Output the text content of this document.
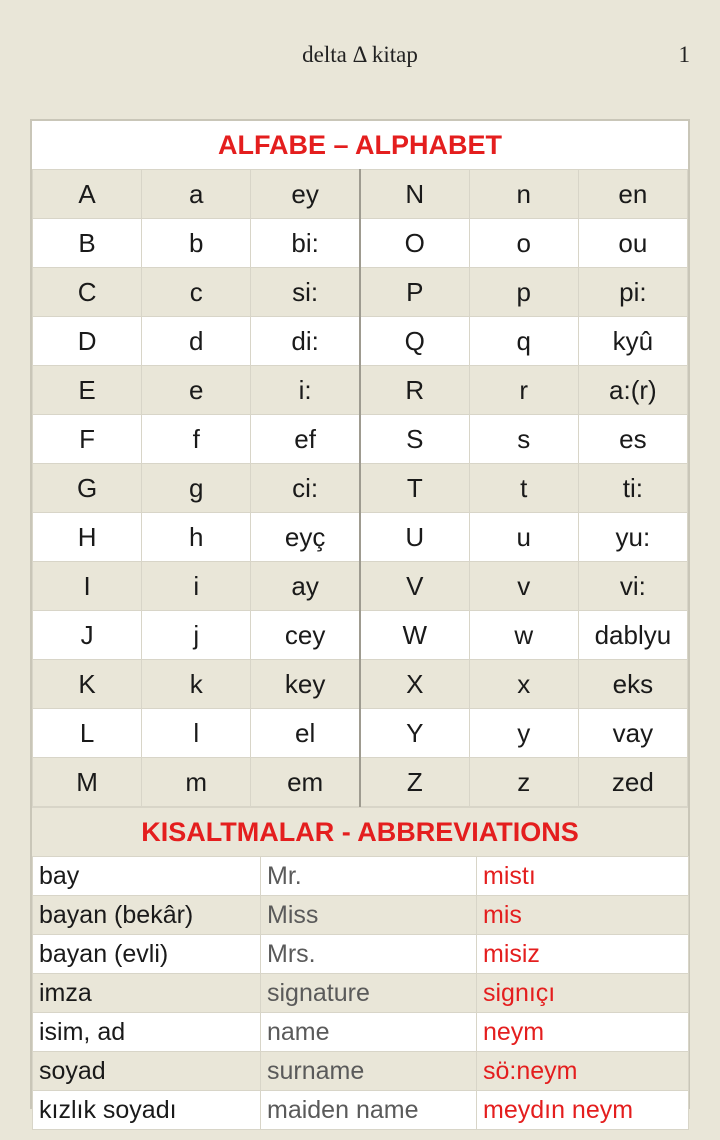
delta Δ kitap	1
ALFABE – ALPHABET
A	a	ey	N	n	en
B	b	bi:	O	o	ou
C	c	si:	P	p	pi:
D	d	di:	Q	q	kyû
E	e	i:	R	r	a:(r)
F	f	ef	S	s	es
G	g	ci:	T	t	ti:
H	h	eyç	U	u	yu:
I	i	ay	V	v	vi:
J	j	cey	W	w	dablyu
K	k	key	X	x	eks
L	l	el	Y	y	vay
M	m	em	Z	z	zed
KISALTMALAR - ABBREVIATIONS
bay	Mr.	mistı
bayan (bekâr)	Miss	mis
bayan (evli)	Mrs.	misiz
imza	signature	signıçı
isim, ad	name	neym
soyad	surname	sö:neym
kızlık soyadı	maiden name	meydın neym
